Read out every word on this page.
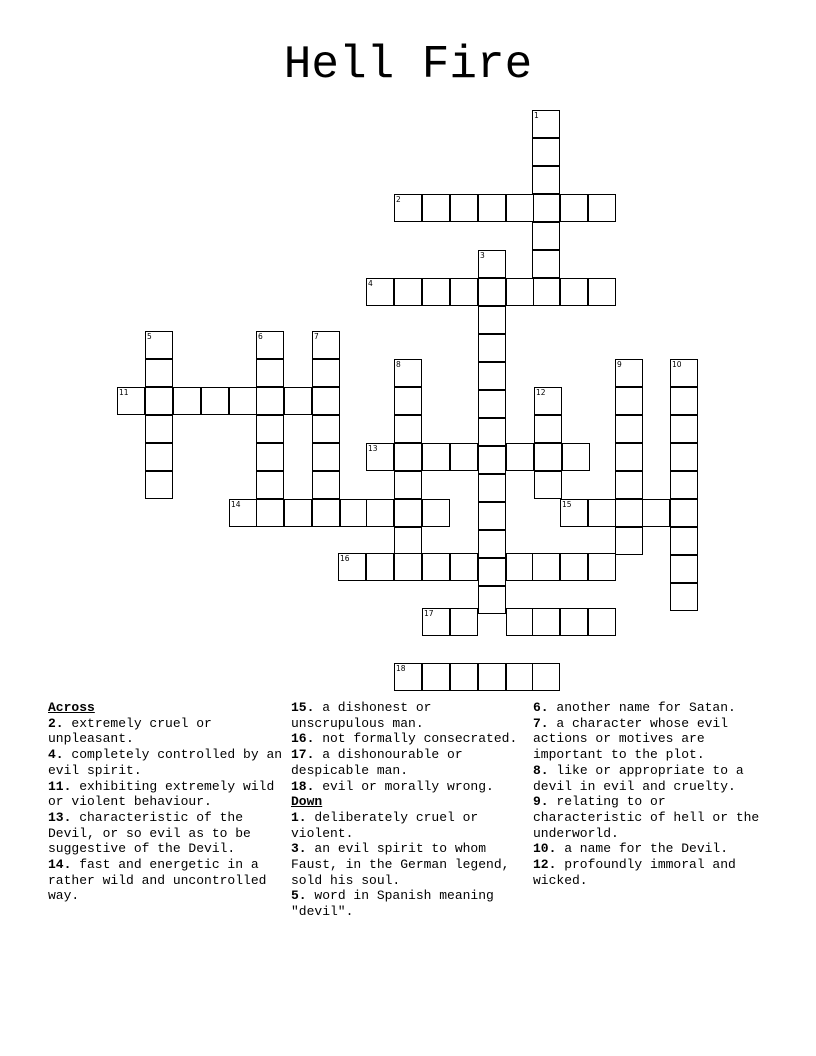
Hell Fire
1
2
4
3
5	6	7
11
8
13
12
14
9	10
15
16
17
18
Across
2. extremely cruel or unpleasant.
4. completely controlled by an evil spirit.
11. exhibiting extremely wild or violent behaviour.
13. characteristic of the Devil, or so evil as to be suggestive of the Devil.
14. fast and energetic in a rather wild and uncontrolled way.
15. a dishonest or unscrupulous man.
16. not formally consecrated.
17. a dishonourable or despicable man.
18. evil or morally wrong.
Down
1. deliberately cruel or violent.
3. an evil spirit to whom Faust, in the German legend, sold his soul.
5. word in Spanish meaning "devil".
6. another name for Satan.
7. a character whose evil actions or motives are important to the plot.
8. like or appropriate to a devil in evil and cruelty.
9. relating to or characteristic of hell or the underworld.
10. a name for the Devil.
12. profoundly immoral and wicked.
